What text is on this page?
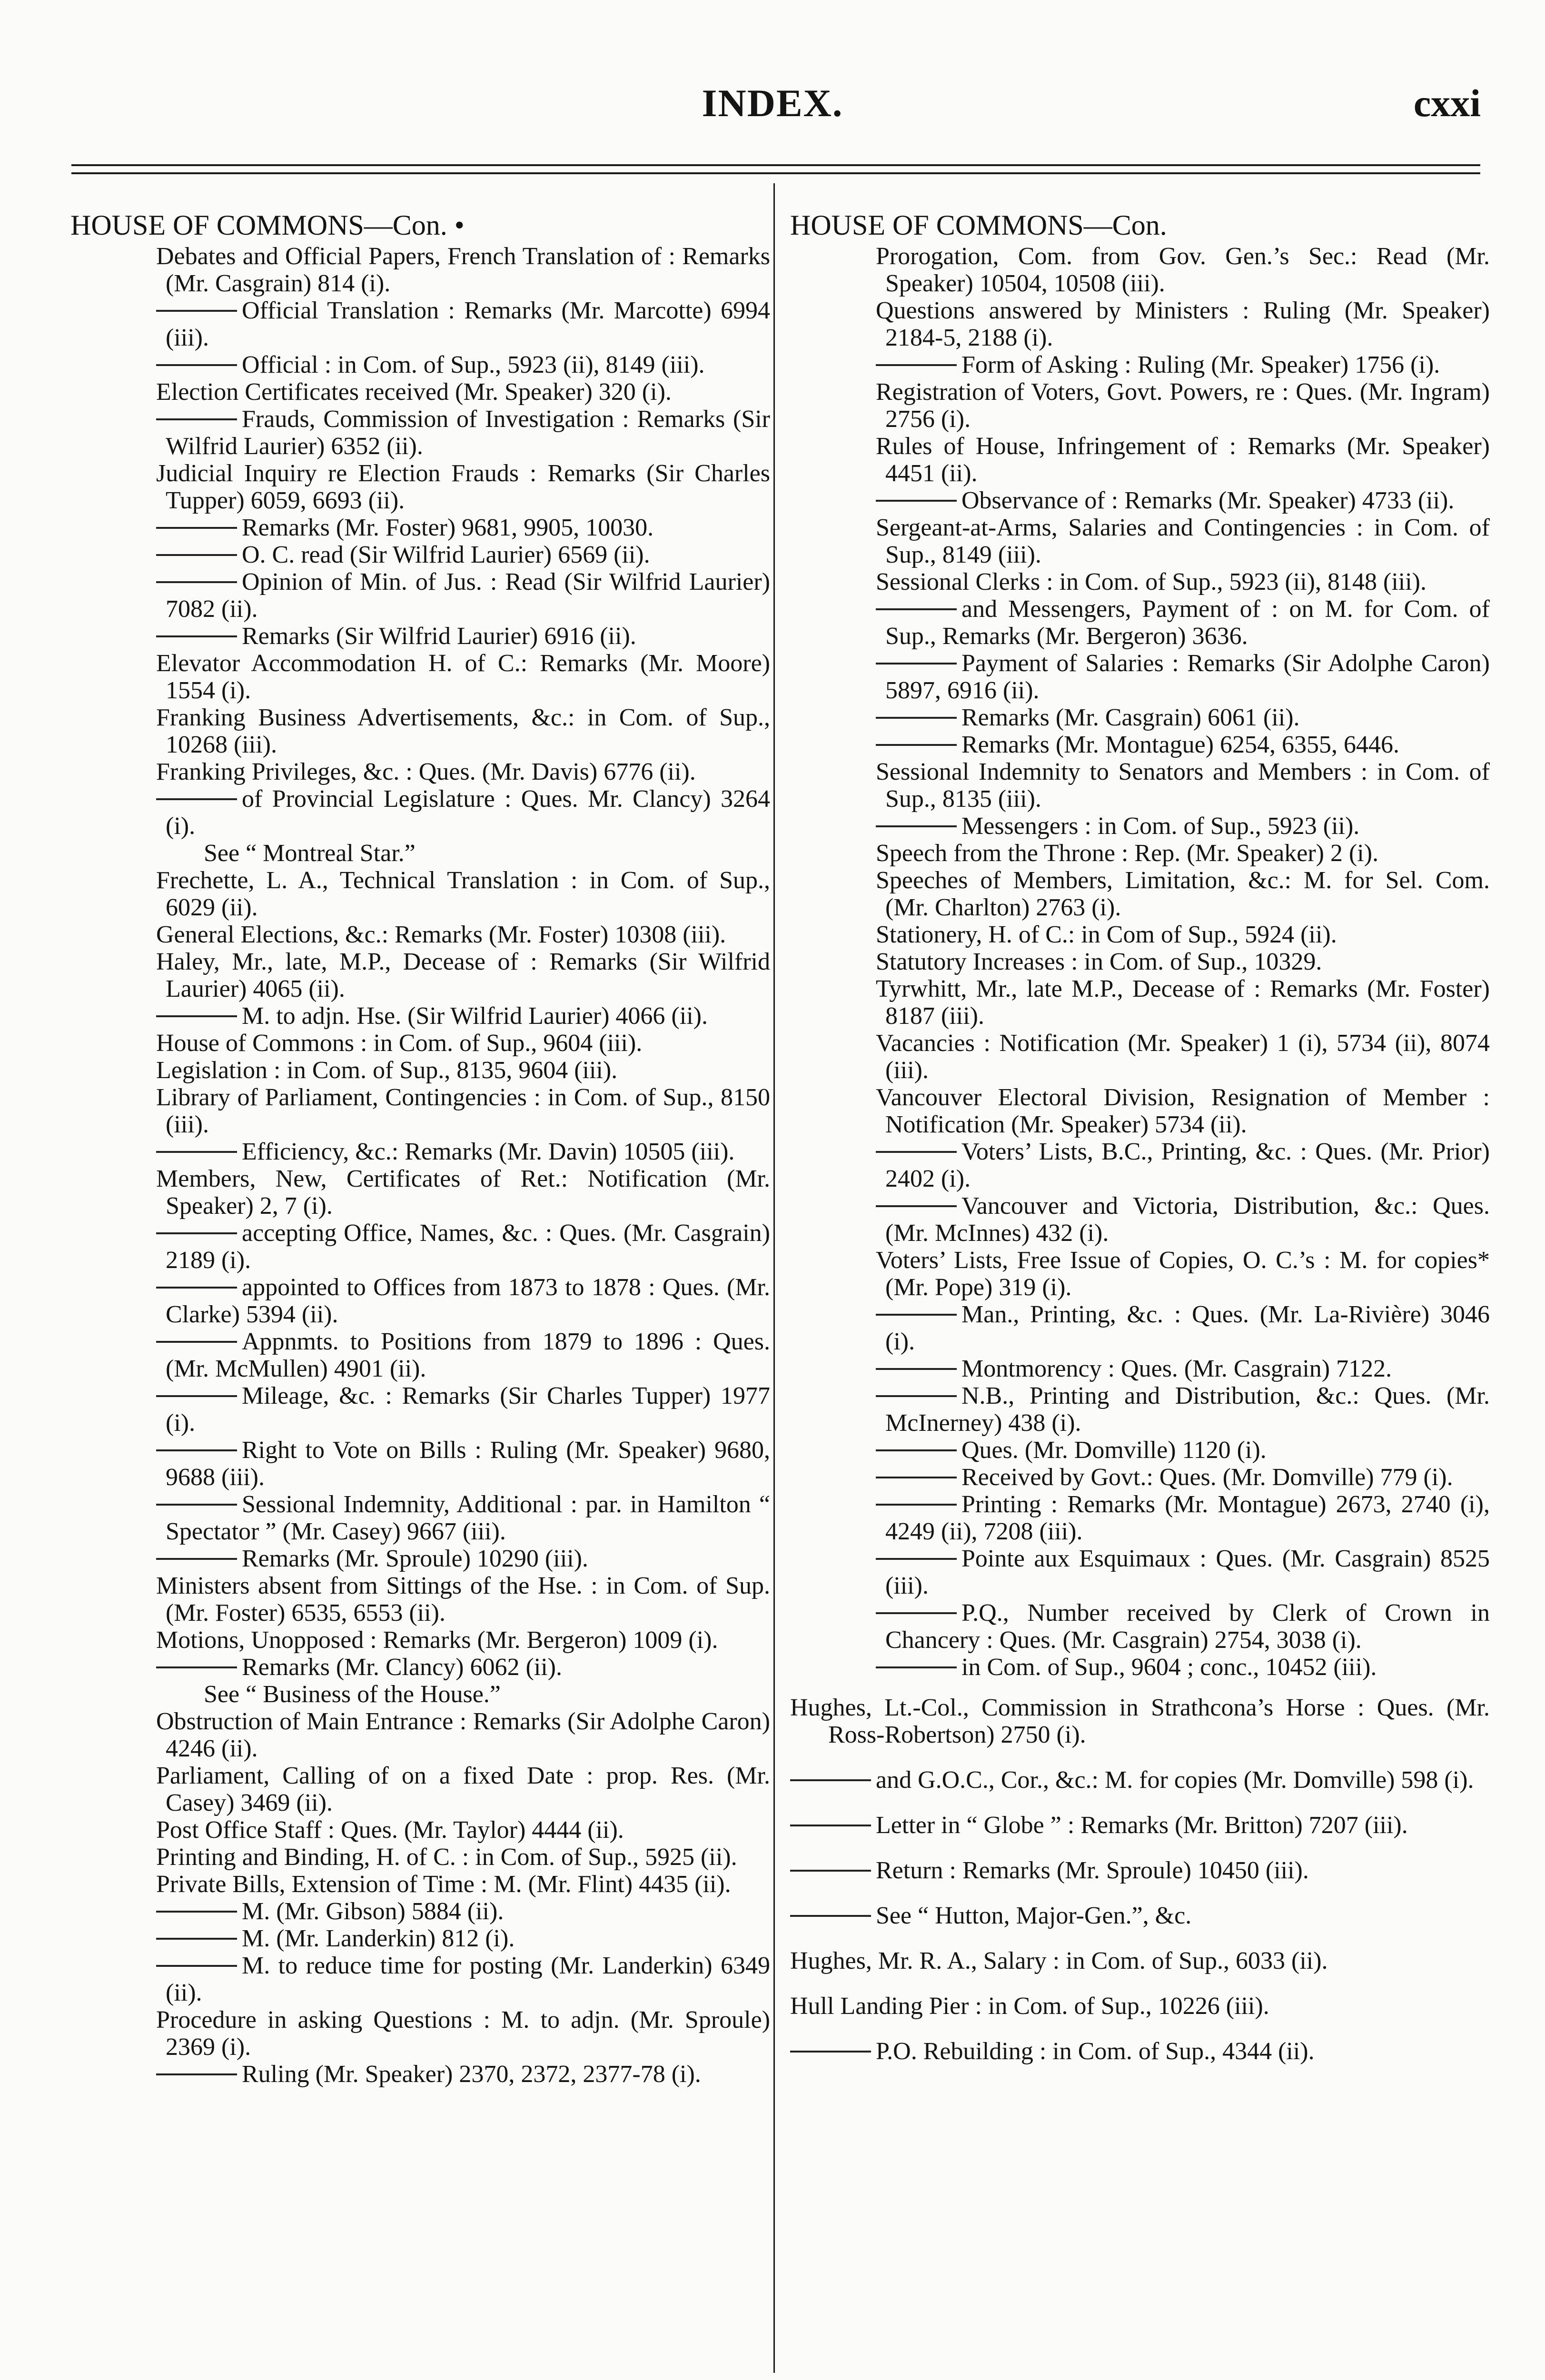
INDEX.	cxxi
HOUSE OF COMMONS—Con. •

Debates and Official Papers, French Translation of : Remarks (Mr. Casgrain) 814 (i).

Official Translation : Remarks (Mr. Marcotte) 6994 (iii).

Official : in Com. of Sup., 5923 (ii), 8149 (iii).

Election Certificates received (Mr. Speaker) 320 (i).

Frauds, Commission of Investigation : Remarks (Sir Wilfrid Laurier) 6352 (ii).

Judicial Inquiry re Election Frauds : Remarks (Sir Charles Tupper) 6059, 6693 (ii).

Remarks (Mr. Foster) 9681, 9905, 10030.

O. C. read (Sir Wilfrid Laurier) 6569 (ii).

Opinion of Min. of Jus. : Read (Sir Wilfrid Laurier) 7082 (ii).

Remarks (Sir Wilfrid Laurier) 6916 (ii).

Elevator Accommodation H. of C.: Remarks (Mr. Moore) 1554 (i).

Franking Business Advertisements, &c.: in Com. of Sup., 10268 (iii).

Franking Privileges, &c. : Ques. (Mr. Davis) 6776 (ii).

of Provincial Legislature : Ques. Mr. Clancy) 3264 (i).

See “ Montreal Star.”

Frechette, L. A., Technical Translation : in Com. of Sup., 6029 (ii).

General Elections, &c.: Remarks (Mr. Foster) 10308 (iii).

Haley, Mr., late, M.P., Decease of : Remarks (Sir Wilfrid Laurier) 4065 (ii).

M. to adjn. Hse. (Sir Wilfrid Laurier) 4066 (ii).

House of Commons : in Com. of Sup., 9604 (iii).

Legislation : in Com. of Sup., 8135, 9604 (iii).

Library of Parliament, Contingencies : in Com. of Sup., 8150 (iii).

Efficiency, &c.: Remarks (Mr. Davin) 10505 (iii).

Members, New, Certificates of Ret.: Notification (Mr. Speaker) 2, 7 (i).

accepting Office, Names, &c. : Ques. (Mr. Casgrain) 2189 (i).

appointed to Offices from 1873 to 1878 : Ques. (Mr. Clarke) 5394 (ii).

Appnmts. to Positions from 1879 to 1896 : Ques. (Mr. McMullen) 4901 (ii).

Mileage, &c. : Remarks (Sir Charles Tupper) 1977 (i).

Right to Vote on Bills : Ruling (Mr. Speaker) 9680, 9688 (iii).

Sessional Indemnity, Additional : par. in Hamilton “ Spectator ” (Mr. Casey) 9667 (iii).

Remarks (Mr. Sproule) 10290 (iii).

Ministers absent from Sittings of the Hse. : in Com. of Sup. (Mr. Foster) 6535, 6553 (ii).

Motions, Unopposed : Remarks (Mr. Bergeron) 1009 (i).

Remarks (Mr. Clancy) 6062 (ii).

See “ Business of the House.”

Obstruction of Main Entrance : Remarks (Sir Adolphe Caron) 4246 (ii).

Parliament, Calling of on a fixed Date : prop. Res. (Mr. Casey) 3469 (ii).

Post Office Staff : Ques. (Mr. Taylor) 4444 (ii).

Printing and Binding, H. of C. : in Com. of Sup., 5925 (ii).

Private Bills, Extension of Time : M. (Mr. Flint) 4435 (ii).

M. (Mr. Gibson) 5884 (ii).

M. (Mr. Landerkin) 812 (i).

M. to reduce time for posting (Mr. Landerkin) 6349 (ii).

Procedure in asking Questions : M. to adjn. (Mr. Sproule) 2369 (i).

Ruling (Mr. Speaker) 2370, 2372, 2377-78 (i).

HOUSE OF COMMONS—Con.

Prorogation, Com. from Gov. Gen.’s Sec.: Read (Mr. Speaker) 10504, 10508 (iii).

Questions answered by Ministers : Ruling (Mr. Speaker) 2184-5, 2188 (i).

Form of Asking : Ruling (Mr. Speaker) 1756 (i).

Registration of Voters, Govt. Powers, re : Ques. (Mr. Ingram) 2756 (i).

Rules of House, Infringement of : Remarks (Mr. Speaker) 4451 (ii).

Observance of : Remarks (Mr. Speaker) 4733 (ii).

Sergeant-at-Arms, Salaries and Contingencies : in Com. of Sup., 8149 (iii).

Sessional Clerks : in Com. of Sup., 5923 (ii), 8148 (iii).

and Messengers, Payment of : on M. for Com. of Sup., Remarks (Mr. Bergeron) 3636.

Payment of Salaries : Remarks (Sir Adolphe Caron) 5897, 6916 (ii).

Remarks (Mr. Casgrain) 6061 (ii).

Remarks (Mr. Montague) 6254, 6355, 6446.

Sessional Indemnity to Senators and Members : in Com. of Sup., 8135 (iii).

Messengers : in Com. of Sup., 5923 (ii).

Speech from the Throne : Rep. (Mr. Speaker) 2 (i).

Speeches of Members, Limitation, &c.: M. for Sel. Com. (Mr. Charlton) 2763 (i).

Stationery, H. of C.: in Com of Sup., 5924 (ii).

Statutory Increases : in Com. of Sup., 10329.

Tyrwhitt, Mr., late M.P., Decease of : Remarks (Mr. Foster) 8187 (iii).

Vacancies : Notification (Mr. Speaker) 1 (i), 5734 (ii), 8074 (iii).

Vancouver Electoral Division, Resignation of Member : Notification (Mr. Speaker) 5734 (ii).

Voters’ Lists, B.C., Printing, &c. : Ques. (Mr. Prior) 2402 (i).

Vancouver and Victoria, Distribution, &c.: Ques. (Mr. McInnes) 432 (i).

Voters’ Lists, Free Issue of Copies, O. C.’s : M. for copies* (Mr. Pope) 319 (i).

Man., Printing, &c. : Ques. (Mr. La-Rivière) 3046 (i).

Montmorency : Ques. (Mr. Casgrain) 7122.

N.B., Printing and Distribution, &c.: Ques. (Mr. McInerney) 438 (i).

Ques. (Mr. Domville) 1120 (i).

Received by Govt.: Ques. (Mr. Domville) 779 (i).

Printing : Remarks (Mr. Montague) 2673, 2740 (i), 4249 (ii), 7208 (iii).

Pointe aux Esquimaux : Ques. (Mr. Casgrain) 8525 (iii).

P.Q., Number received by Clerk of Crown in Chancery : Ques. (Mr. Casgrain) 2754, 3038 (i).

in Com. of Sup., 9604 ; conc., 10452 (iii).

Hughes, Lt.-Col., Commission in Strathcona’s Horse : Ques. (Mr. Ross-Robertson) 2750 (i).

and G.O.C., Cor., &c.: M. for copies (Mr. Domville) 598 (i).

Letter in “ Globe ” : Remarks (Mr. Britton) 7207 (iii).

Return : Remarks (Mr. Sproule) 10450 (iii).

See “ Hutton, Major-Gen.”, &c.

Hughes, Mr. R. A., Salary : in Com. of Sup., 6033 (ii).

Hull Landing Pier : in Com. of Sup., 10226 (iii).

P.O. Rebuilding : in Com. of Sup., 4344 (ii).
